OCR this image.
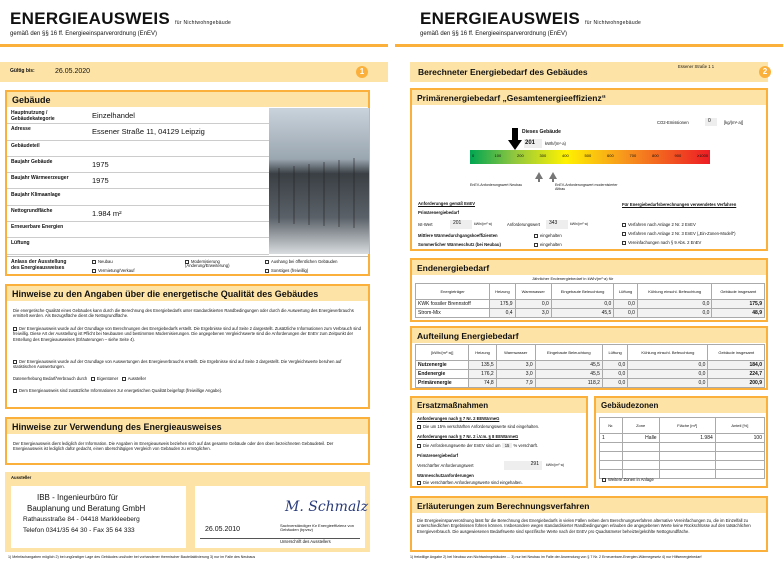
ENERGIEAUSWEIS für Nichtwohngebäude
gemäß den §§ 16 ff. Energieeinsparverordnung (EnEV)
Gültig bis:	26.05.2020	1
Gebäude
Hauptnutzung / Gebäudekategorie	Einzelhandel
Adresse	Essener Straße 11, 04129 Leipzig
Gebäudeteil
Baujahr Gebäude	1975
Baujahr Wärmeerzeuger	1975
Baujahr Klimaanlage
Nettogrundfläche	1.984 m²
Erneuerbare Energien
Lüftung
Anlass der Ausstellung des Energieausweises
Neubau
Vermietung/Verkauf
Modernisierung (Änderung/Erweiterung)
Aushang bei öffentlichen Gebäuden
Sonstiges (freiwillig)
Hinweise zu den Angaben über die energetische Qualität des Gebäudes
Die energetische Qualität eines Gebäudes kann durch die Berechnung des Energiebedarfs unter standardisierten Randbedingungen oder durch die Auswertung des Energieverbrauchs ermittelt werden. Als Bezugsfläche dient die Nettogrundfläche.
Der Energieausweis wurde auf der Grundlage von Berechnungen des Energiebedarfs erstellt. Die Ergebnisse sind auf Seite 2 dargestellt. Zusätzliche Informationen zum Verbrauch sind freiwillig. Diese Art der Ausstellung ist Pflicht bei Neubauten und bestimmten Modernisierungen. Die angegebenen Vergleichswerte sind die Anforderungen der EnEV zum Zeitpunkt der Erstellung des Energieausweises (Erläuterungen – siehe Seite 4).
Der Energieausweis wurde auf der Grundlage von Auswertungen des Energieverbrauchs erstellt. Die Ergebnisse sind auf Seite 3 dargestellt. Die Vergleichswerte beruhen auf statistischen Auswertungen.
Datenerhebung Bedarf/Verbrauch durch Eigentümer Aussteller
Dem Energieausweis sind zusätzliche Informationen zur energetischen Qualität beigefügt (freiwillige Angabe).
Hinweise zur Verwendung des Energieausweises
Der Energieausweis dient lediglich der Information. Die Angaben im Energieausweis beziehen sich auf das gesamte Gebäude oder den oben bezeichneten Gebäudeteil. Der Energieausweis ist lediglich dafür gedacht, einen überschlägigen Vergleich von Gebäuden zu ermöglichen.
Aussteller
IBB - Ingenieurbüro für
Bauplanung und Beratung GmbH
Rathausstraße 84 - 04418 Markkleeberg
Telefon 0341/35 64 30 - Fax 35 64 333	26.05.2010
M. Schmalz
Sachverständiger für Energieeffizienz von Gebäuden (bpvsv)
Unterschrift des Ausstellers
1) Mehrfachangaben möglich 2) bei ungünstiger Lage des Gebäudes und/oder bei vorhandener thermischer Bauteilaktivierung 3) nur im Falle des Neubaus
ENERGIEAUSWEIS für Nichtwohngebäude
gemäß den §§ 16 ff. Energieeinsparverordnung (EnEV)
Berechneter Energiebedarf des Gebäudes
Essener Straße 1 1
2
Primärenergiebedarf „Gesamtenergieeffizienz“
CO2-Emissionen	0	[kg/(m²·a)]
Dieses Gebäude
201	kWh/(m²·a)
0	100	200	300	400	500	600	700	800	900	≥1000
EnEV-Anforderungswert Neubau	EnEV-Anforderungswert modernisierter Altbau
Anforderungen gemäß EnEV
Primärenergiebedarf
Ist-Wert	201	kWh/(m²·a)	Anforderungswert	343	kWh/(m²·a)
Mittlere Wärmedurchgangskoeffizienten	eingehalten
Sommerlicher Wärmeschutz (bei Neubau)	eingehalten
Für Energiebedarfsberechnungen verwendetes Verfahren
Verfahren nach Anlage 2 Nr. 2 EnEV
Verfahren nach Anlage 2 Nr. 3 EnEV („Ein-Zonen-Modell“)
Vereinfachungen nach § 9 Abs. 2 EnEV
Endenergiebedarf
Jährlicher Endenergiebedarf in kWh/(m²·a) für
Energieträger	Heizung	Warmwasser	Eingebaute Beleuchtung	Lüftung	Kühlung einschl. Befeuchtung	Gebäude insgesamt
KWK fossiler Brennstoff	175,9	0,0	0,0	0,0	0,0	175,9
Strom-Mix	0,4	3,0	45,5	0,0	0,0	48,9
Aufteilung Energiebedarf
[kWh/(m²·a)]	Heizung	Warmwasser	Eingebaute Beleuchtung	Lüftung	Kühlung einschl. Befeuchtung	Gebäude insgesamt
Nutzenergie	135,5	3,0	45,5	0,0	0,0	184,0
Endenergie	176,2	3,0	45,5	0,0	0,0	224,7
Primärenergie	74,8	7,9	118,2	0,0	0,0	200,9
Ersatzmaßnahmen
Anforderungen nach § 7 Nr. 2 EEWärmeG
Die um 15% verschärften Anforderungswerte sind eingehalten.
Anforderungen nach § 7 Nr. 2 i.V.m. § 8 EEWärmeG
Die Anforderungswerte der EnEV sind um 15 % verschärft.
Primärenergiebedarf
Verschärfter Anforderungswert	291	kWh/(m²·a)
Wärmeschutzanforderungen
Die verschärften Anforderungswerte sind eingehalten.
Gebäudezonen
Nr.	Zone	Fläche [m²]	Anteil [%]
1	Halle	1.984	100

Weitere Zonen in Anlage
Erläuterungen zum Berechnungsverfahren
Die Energieeinsparverordnung lässt für die Berechnung des Energiebedarfs in vielen Fällen neben dem Berechnungsverfahren alternative Vereinfachungen zu, die im Einzelfall zu unterschiedlichen Ergebnissen führen können. Insbesondere wegen standardisierter Randbedingungen erlauben die angegebenen Werte keine Rückschlüsse auf den tatsächlichen Energieverbrauch. Die ausgewiesenen Bedarfswerte sind spezifische Werte nach der EnEV pro Quadratmeter beheizte/gekühlte Nettogrundfläche.
1) freiwillige Angabe 2) bei Neubau von Nichtwohngebäuden ... 3) nur bei Neubau im Falle der Anwendung von § 7 Nr. 2 Erneuerbare-Energien-Wärmegesetz 4) nur Hilfsenergiebedarf
